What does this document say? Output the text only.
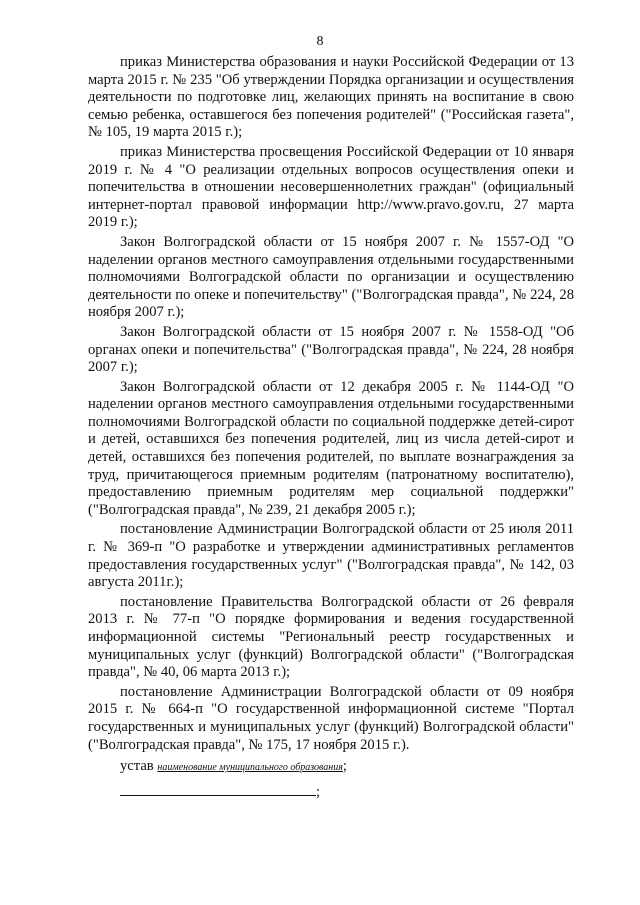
8

приказ Министерства образования и науки Российской Федерации от 13 марта 2015 г. № 235 "Об утверждении Порядка организации и осуществления деятельности по подготовке лиц, желающих принять на воспитание в свою семью ребенка, оставшегося без попечения родителей" ("Российская газета", № 105, 19 марта 2015 г.);

приказ Министерства просвещения Российской Федерации от 10 января 2019 г. № 4 "О реализации отдельных вопросов осуществления опеки и попечительства в отношении несовершеннолетних граждан" (официальный интернет-портал правовой информации http://www.pravo.gov.ru, 27 марта 2019 г.);

Закон Волгоградской области от 15 ноября 2007 г. № 1557-ОД "О наделении органов местного самоуправления отдельными государственными полномочиями Волгоградской области по организации и осуществлению деятельности по опеке и попечительству" ("Волгоградская правда", № 224, 28 ноября 2007 г.);

Закон Волгоградской области от 15 ноября 2007 г. № 1558-ОД "Об органах опеки и попечительства" ("Волгоградская правда", № 224, 28 ноября 2007 г.);

Закон Волгоградской области от 12 декабря 2005 г. № 1144-ОД "О наделении органов местного самоуправления отдельными государственными полномочиями Волгоградской области по социальной поддержке детей-сирот и детей, оставшихся без попечения родителей, лиц из числа детей-сирот и детей, оставшихся без попечения родителей, по выплате вознаграждения за труд, причитающегося приемным родителям (патронатному воспитателю), предоставлению приемным родителям мер социальной поддержки" ("Волгоградская правда", № 239, 21 декабря 2005 г.);

постановление Администрации Волгоградской области от 25 июля 2011 г. № 369-п "О разработке и утверждении административных регламентов предоставления государственных услуг" ("Волгоградская правда", № 142, 03 августа 2011г.);

постановление Правительства Волгоградской области от 26 февраля 2013 г. № 77-п "О порядке формирования и ведения государственной информационной системы "Региональный реестр государственных и муниципальных услуг (функций) Волгоградской области" ("Волгоградская правда", № 40, 06 марта 2013 г.);

постановление Администрации Волгоградской области от 09 ноября 2015 г. № 664-п "О государственной информационной системе "Портал государственных и муниципальных услуг (функций) Волгоградской области" ("Волгоградская правда", № 175, 17 ноября 2015 г.).

устав наименование муниципального образования;

;
